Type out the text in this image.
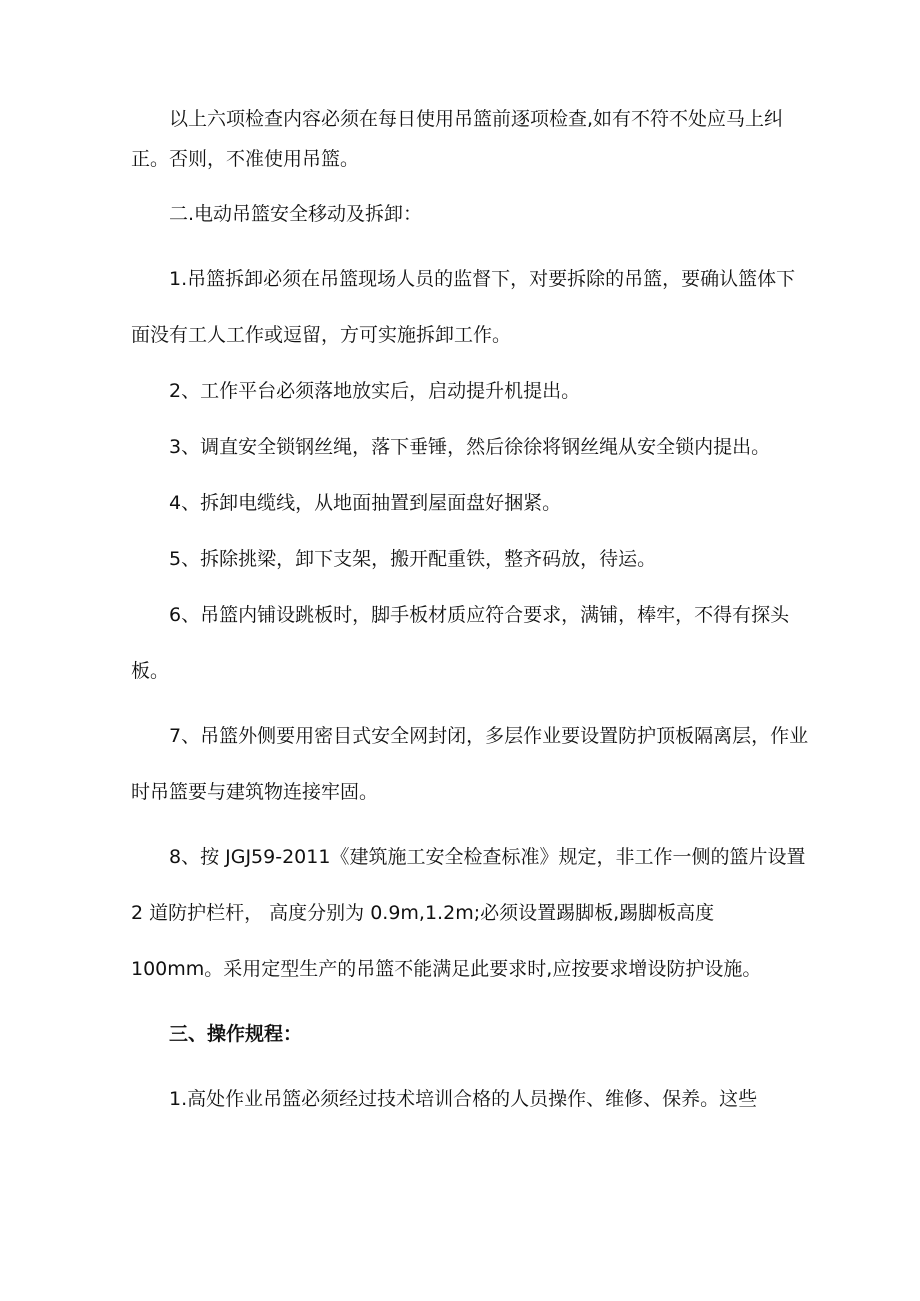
以上六项检查内容必须在每日使用吊篮前逐项检查,如有不符不处应马上纠正。否则，不准使用吊篮。

二.电动吊篮安全移动及拆卸：

1.吊篮拆卸必须在吊篮现场人员的监督下，对要拆除的吊篮，要确认篮体下面没有工人工作或逗留，方可实施拆卸工作。

2、工作平台必须落地放实后，启动提升机提出。

3、调直安全锁钢丝绳，落下垂锤，然后徐徐将钢丝绳从安全锁内提出。

4、拆卸电缆线，从地面抽置到屋面盘好捆紧。

5、拆除挑梁，卸下支架，搬开配重铁，整齐码放，待运。

6、吊篮内铺设跳板时，脚手板材质应符合要求，满铺，棒牢，不得有探头板。

7、吊篮外侧要用密目式安全网封闭，多层作业要设置防护顶板隔离层，作业时吊篮要与建筑物连接牢固。

8、按 JGJ59-2011《建筑施工安全检查标准》规定，非工作一侧的篮片设置 2 道防护栏杆， 高度分别为 0.9m,1.2m;必须设置踢脚板,踢脚板高度 100mm。采用定型生产的吊篮不能满足此要求时,应按要求增设防护设施。

三、操作规程：

1.高处作业吊篮必须经过技术培训合格的人员操作、维修、保养。这些
